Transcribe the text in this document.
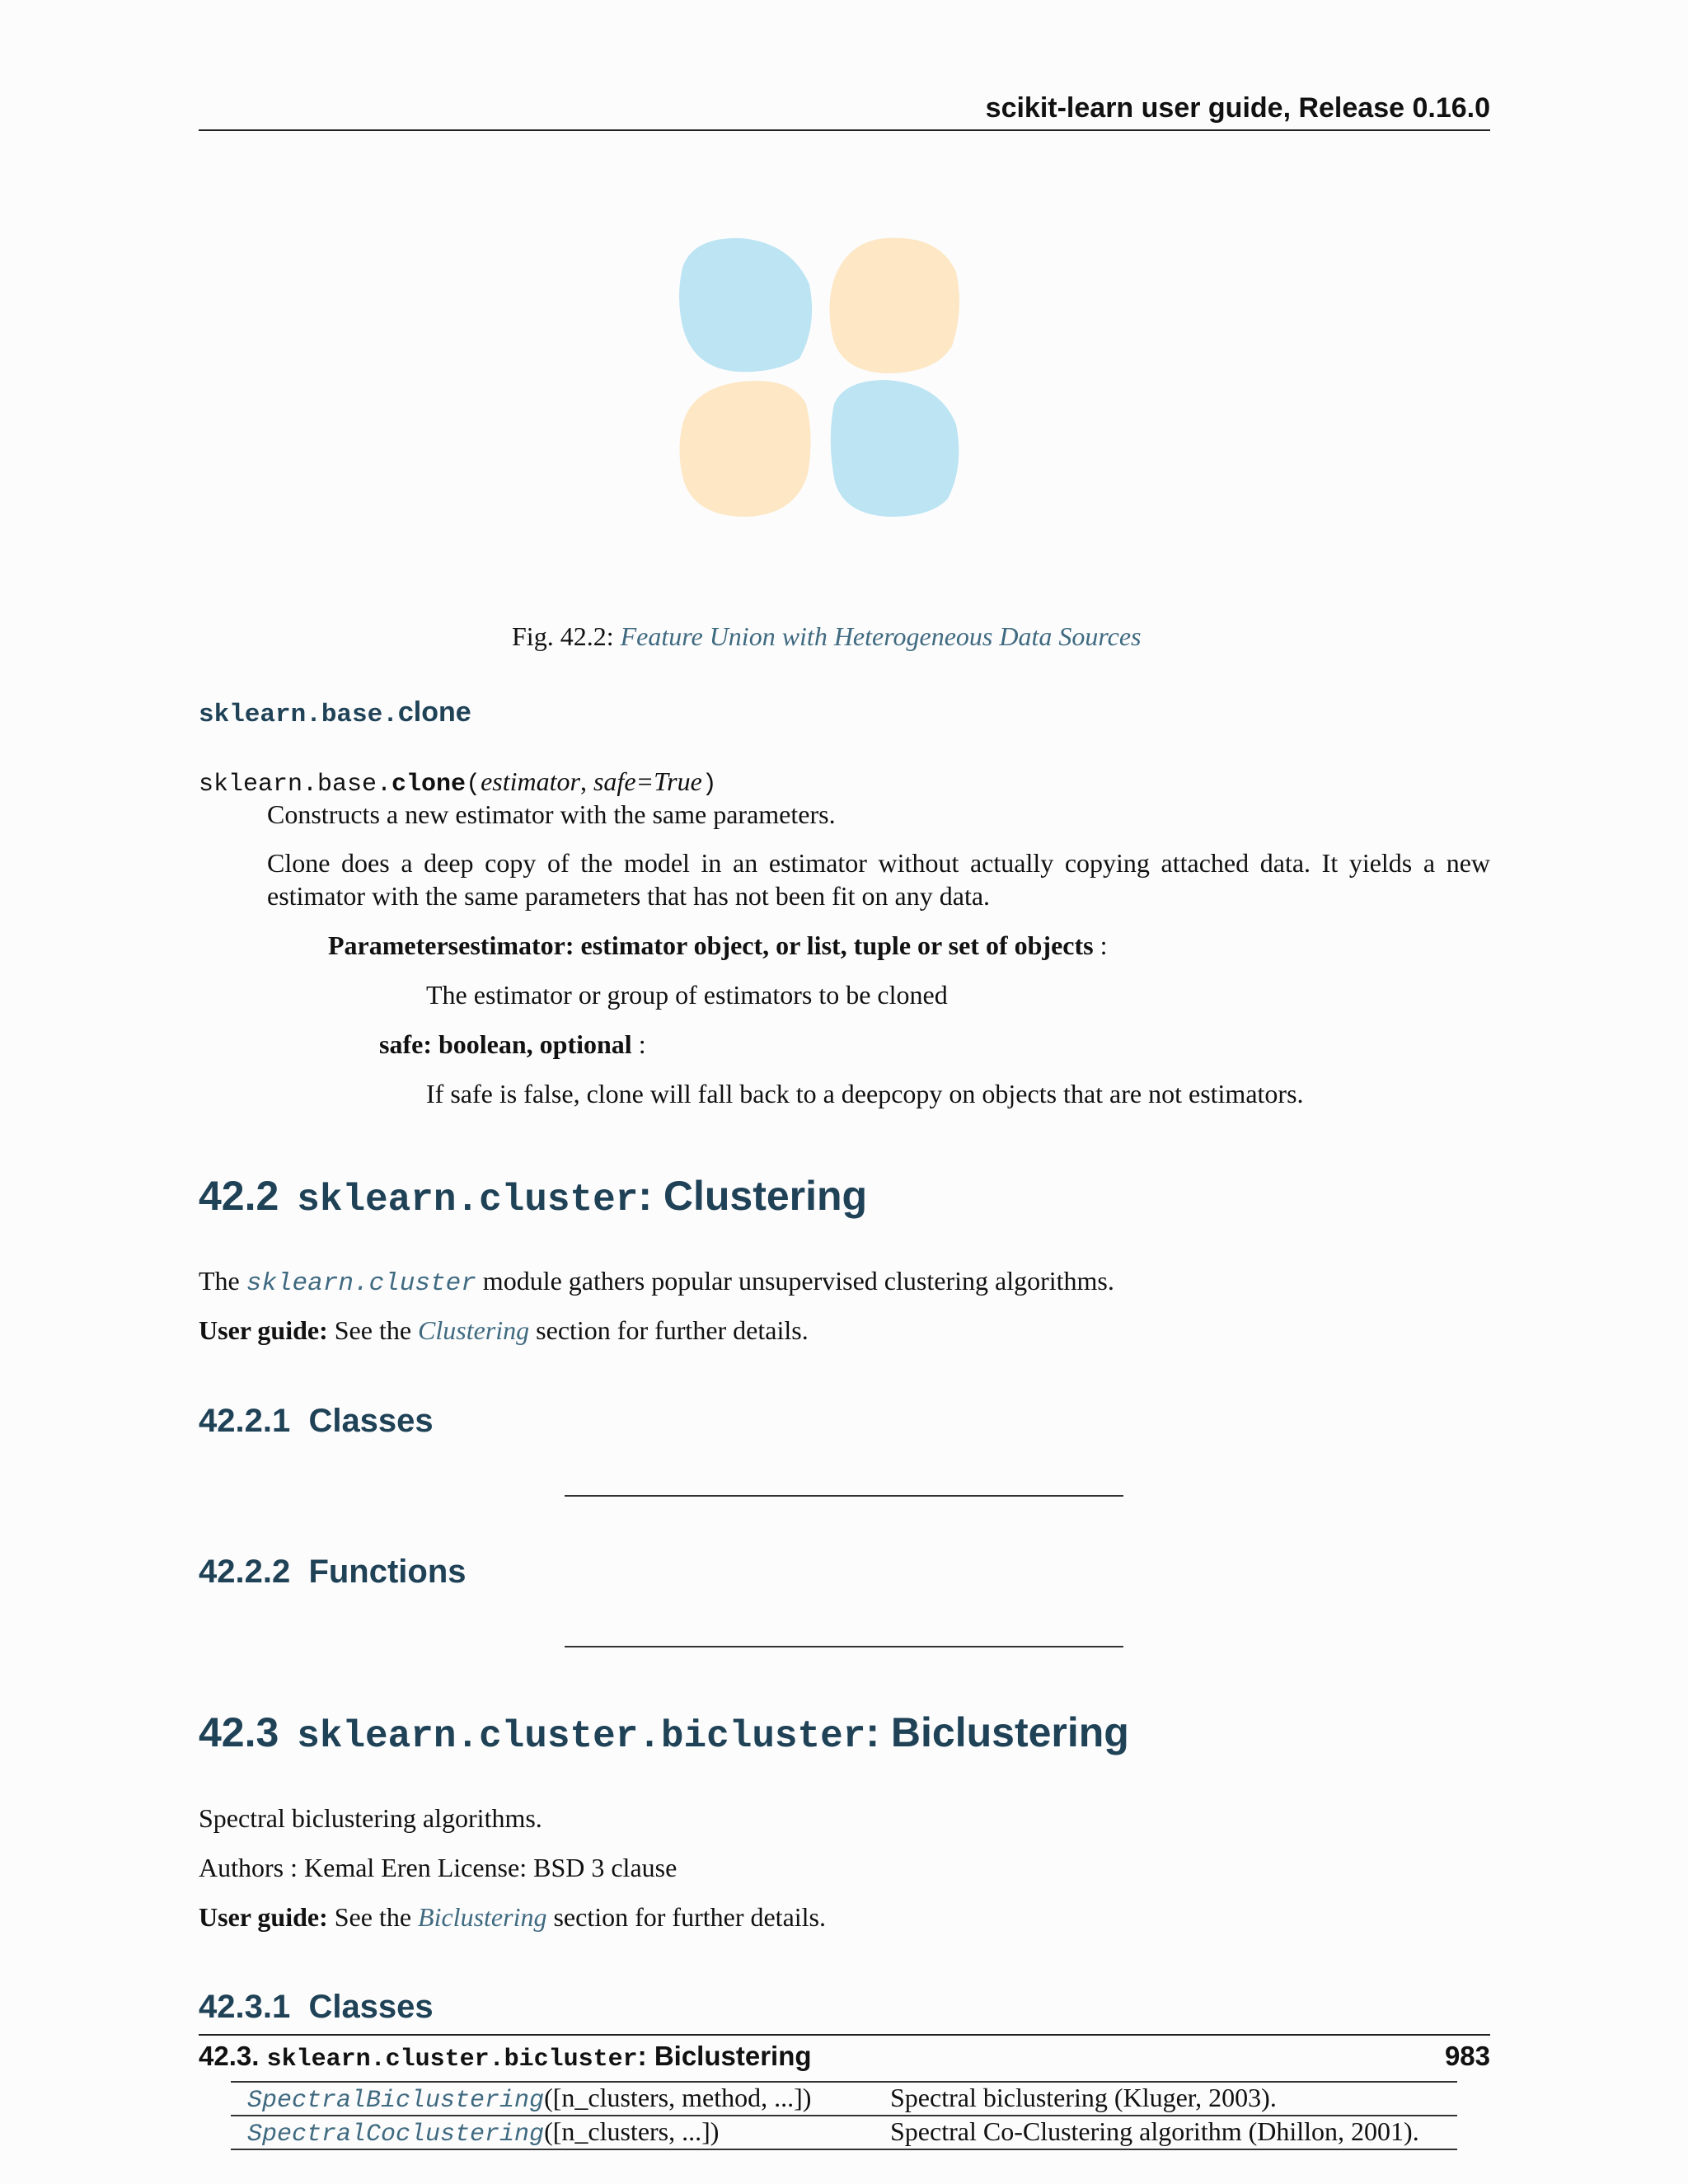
scikit-learn user guide, Release 0.16.0
Fig. 42.2: Feature Union with Heterogeneous Data Sources
sklearn.base.clone
sklearn.base.clone(estimator, safe=True)
Constructs a new estimator with the same parameters.
Clone does a deep copy of the model in an estimator without actually copying attached data. It yields a new
estimator with the same parameters that has not been fit on any data.
Parametersestimator: estimator object, or list, tuple or set of objects :
The estimator or group of estimators to be cloned
safe: boolean, optional :
If safe is false, clone will fall back to a deepcopy on objects that are not estimators.
42.2 sklearn.cluster: Clustering
The sklearn.cluster module gathers popular unsupervised clustering algorithms.
User guide: See the Clustering section for further details.
42.2.1  Classes
42.2.2  Functions
42.3 sklearn.cluster.bicluster: Biclustering
Spectral biclustering algorithms.
Authors : Kemal Eren License: BSD 3 clause
User guide: See the Biclustering section for further details.
42.3.1  Classes
42.3. sklearn.cluster.bicluster: Biclustering	983
SpectralBiclustering([n_clusters, method, ...])	Spectral biclustering (Kluger, 2003).
SpectralCoclustering([n_clusters, ...])	Spectral Co-Clustering algorithm (Dhillon, 2001).
